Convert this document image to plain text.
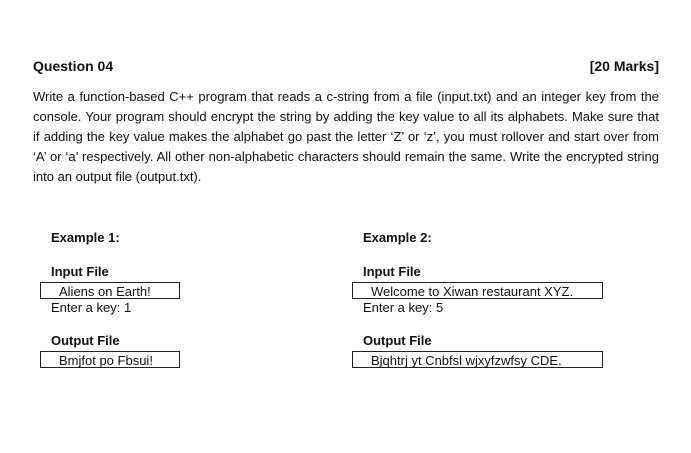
Question 04	[20 Marks]
Write a function-based C++ program that reads a c-string from a file (input.txt) and an integer key from the console. Your program should encrypt the string by adding the key value to all its alphabets. Make sure that if adding the key value makes the alphabet go past the letter ‘Z’ or ‘z’, you must rollover and start over from ‘A’ or ‘a’ respectively. All other non-alphabetic characters should remain the same. Write the encrypted string into an output file (output.txt).
Example 1:
Input File
Aliens on Earth!
Enter a key: 1
Output File
Bmjfot po Fbsui!
Example 2:
Input File
Welcome to Xiwan restaurant XYZ.
Enter a key: 5
Output File
Bjqhtrj yt Cnbfsl wjxyfzwfsy CDE.
